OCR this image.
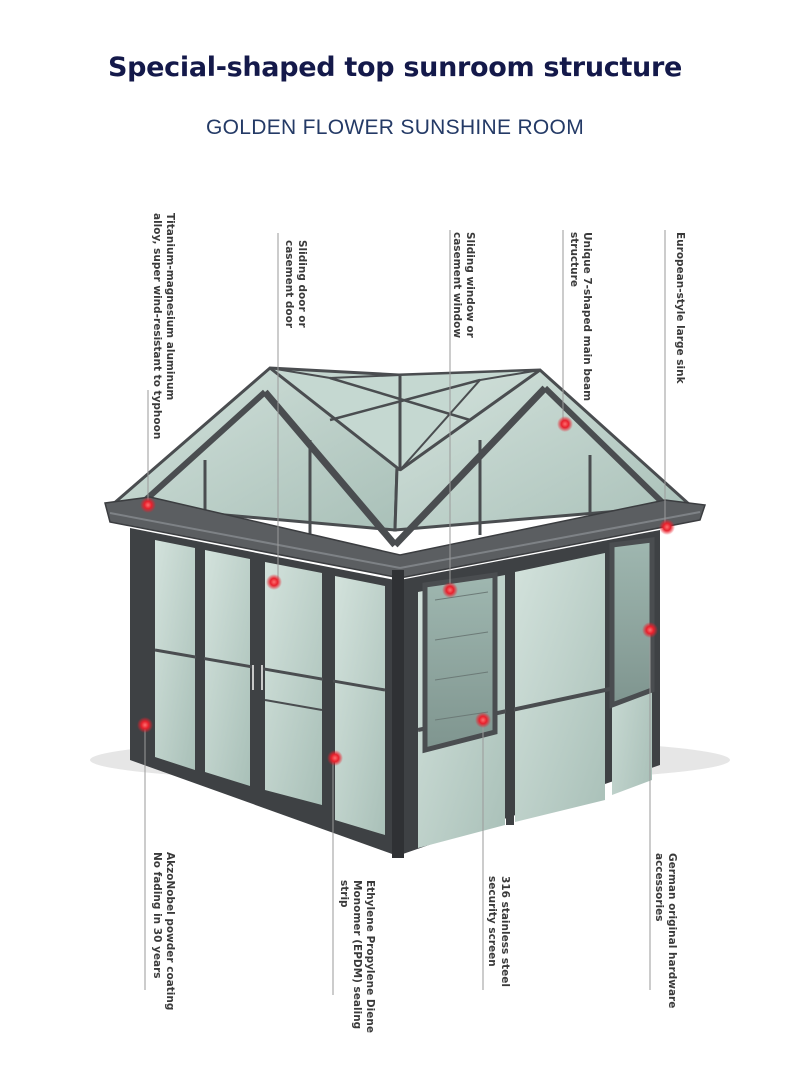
Special-shaped top sunroom structure
GOLDEN FLOWER SUNSHINE ROOM
Titanium-magnesium aluminum
alloy, super wind-resistant to typhoon	Sliding door or
casement door	Sliding window or
casement window	Unique 7-shaped main beam
structure	European-style large sink
AkzoNobel powder coating
No fading in 30 years	Ethylene Propylene Diene
Monomer (EPDM) sealing
strip	316 stainless steel
security screen	German original hardware
accessories
